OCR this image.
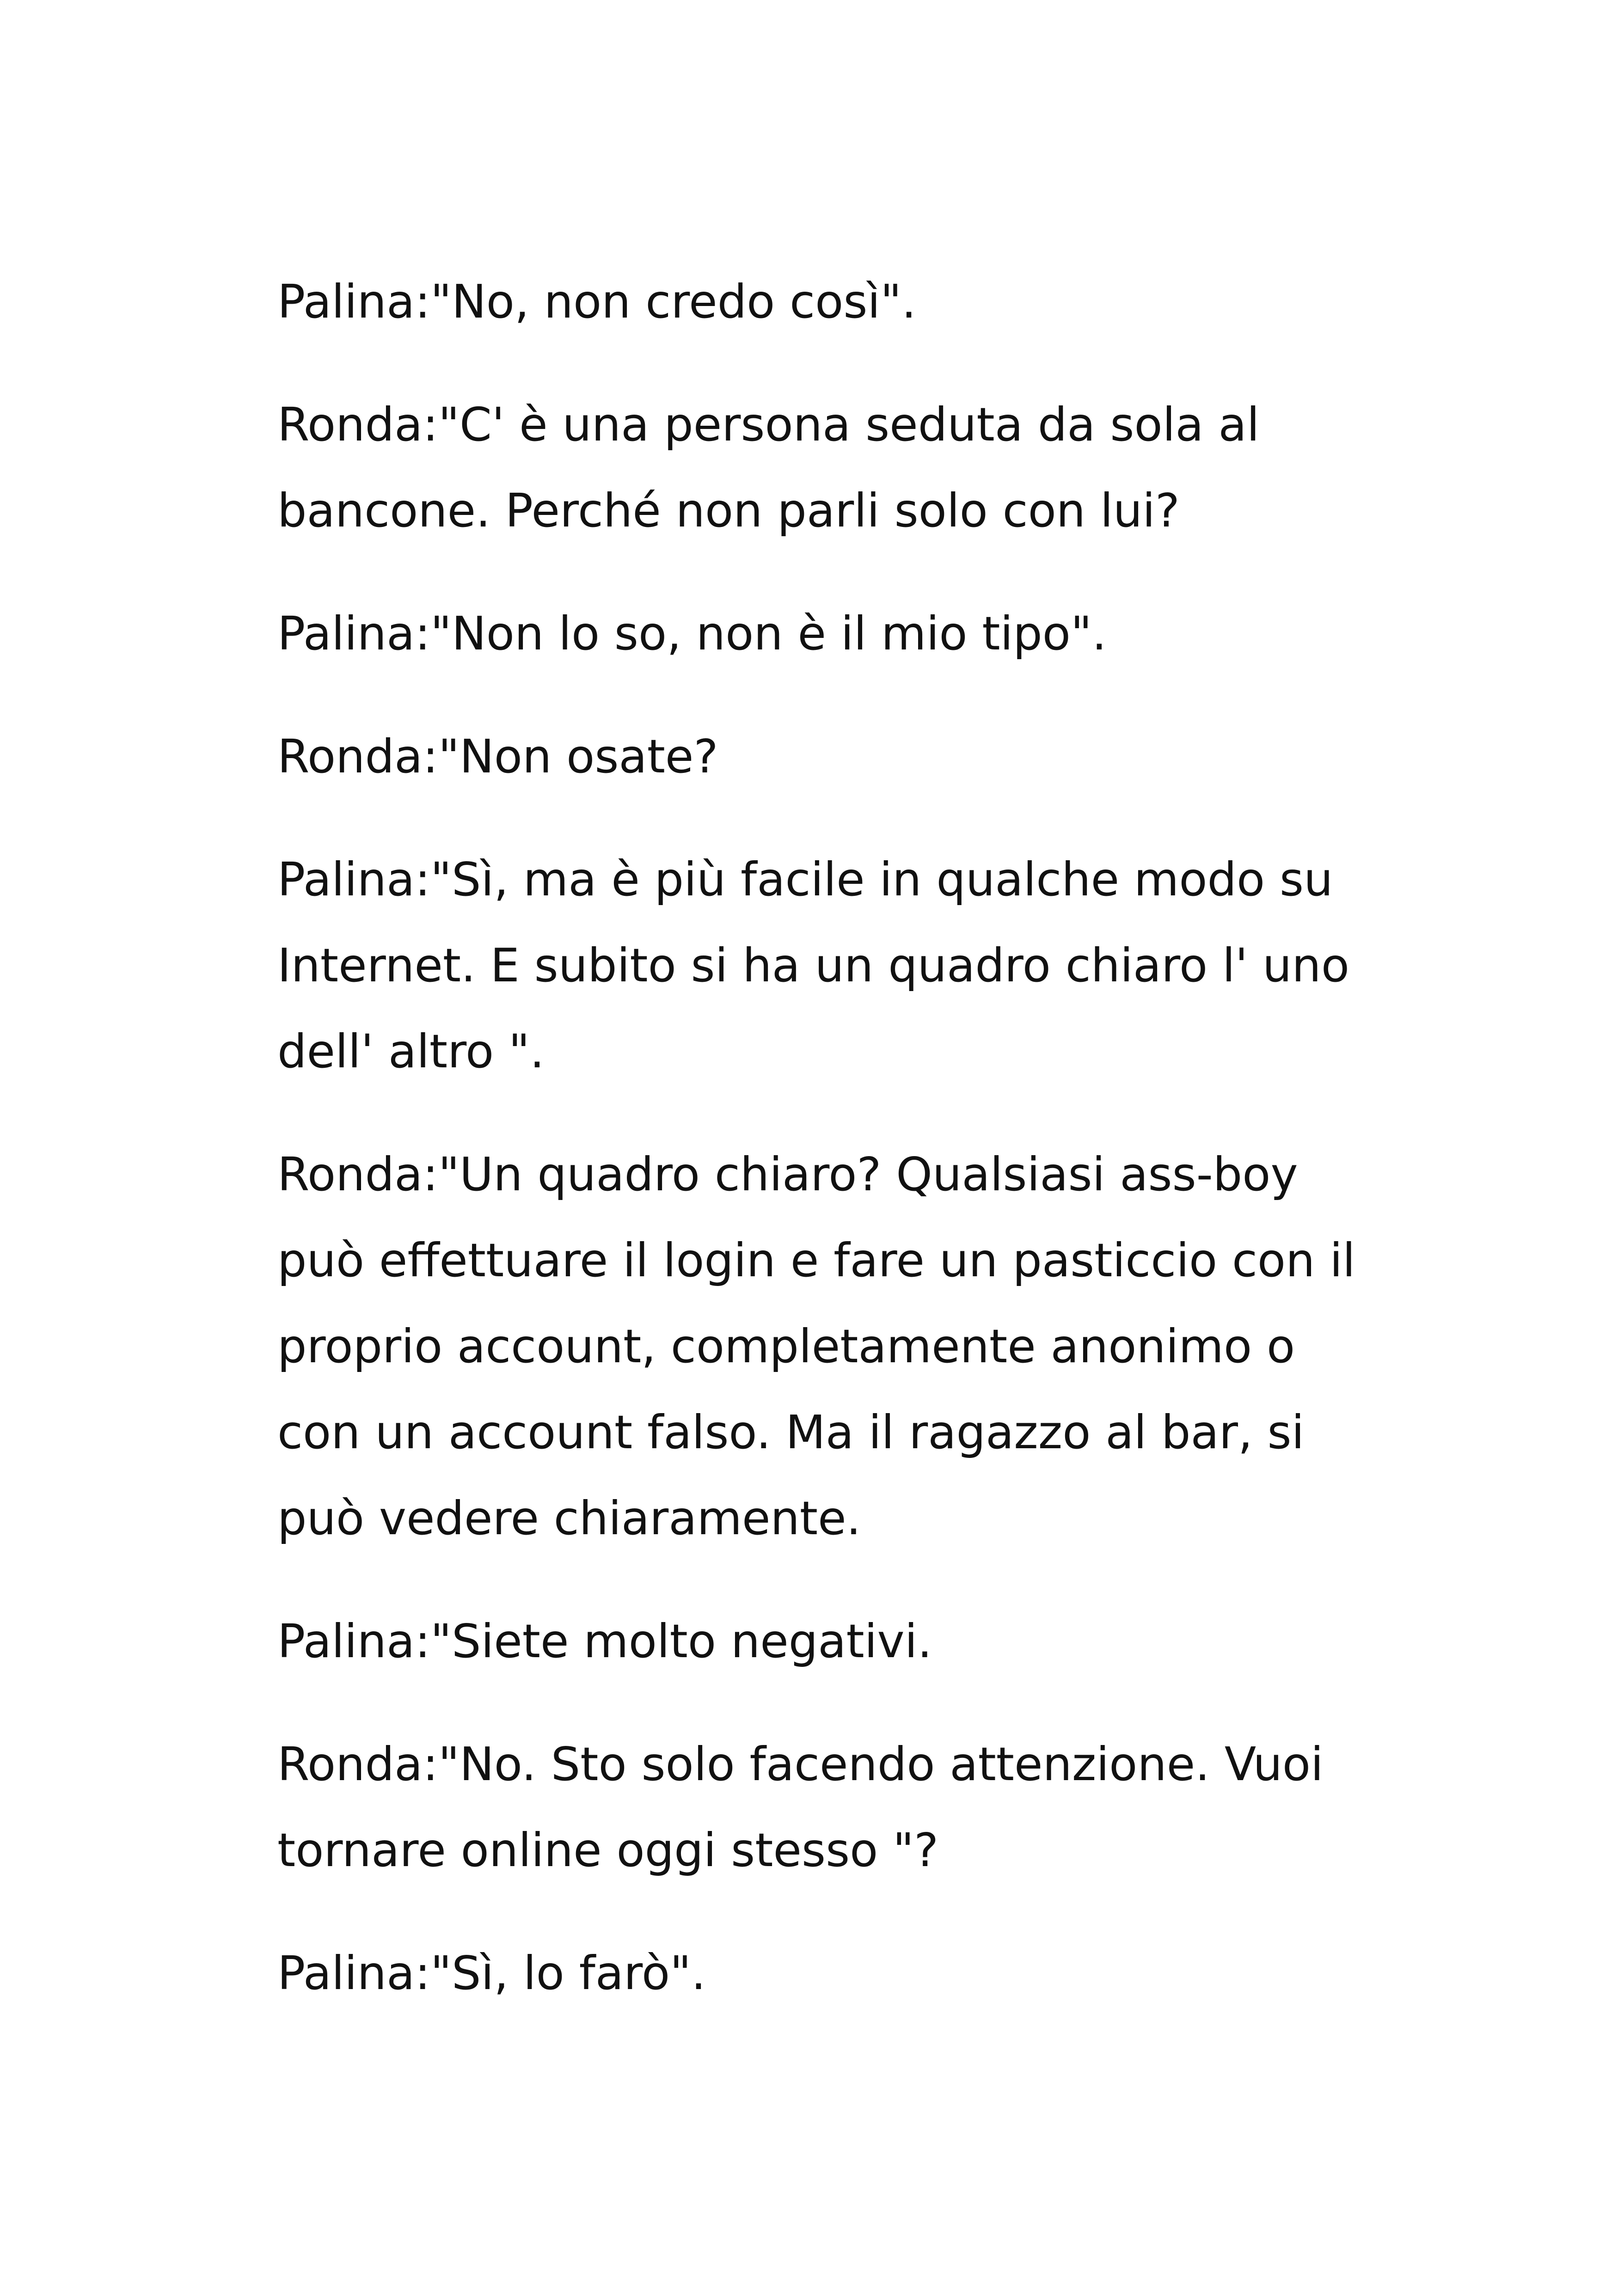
Palina:"No, non credo così".

Ronda:"C' è una persona seduta da sola al
bancone. Perché non parli solo con lui?

Palina:"Non lo so, non è il mio tipo".

Ronda:"Non osate?

Palina:"Sì, ma è più facile in qualche modo su
Internet. E subito si ha un quadro chiaro l' uno
dell' altro ".

Ronda:"Un quadro chiaro? Qualsiasi ass-boy
può effettuare il login e fare un pasticcio con il
proprio account, completamente anonimo o
con un account falso. Ma il ragazzo al bar, si
può vedere chiaramente.

Palina:"Siete molto negativi.

Ronda:"No. Sto solo facendo attenzione. Vuoi
tornare online oggi stesso "?

Palina:"Sì, lo farò".
